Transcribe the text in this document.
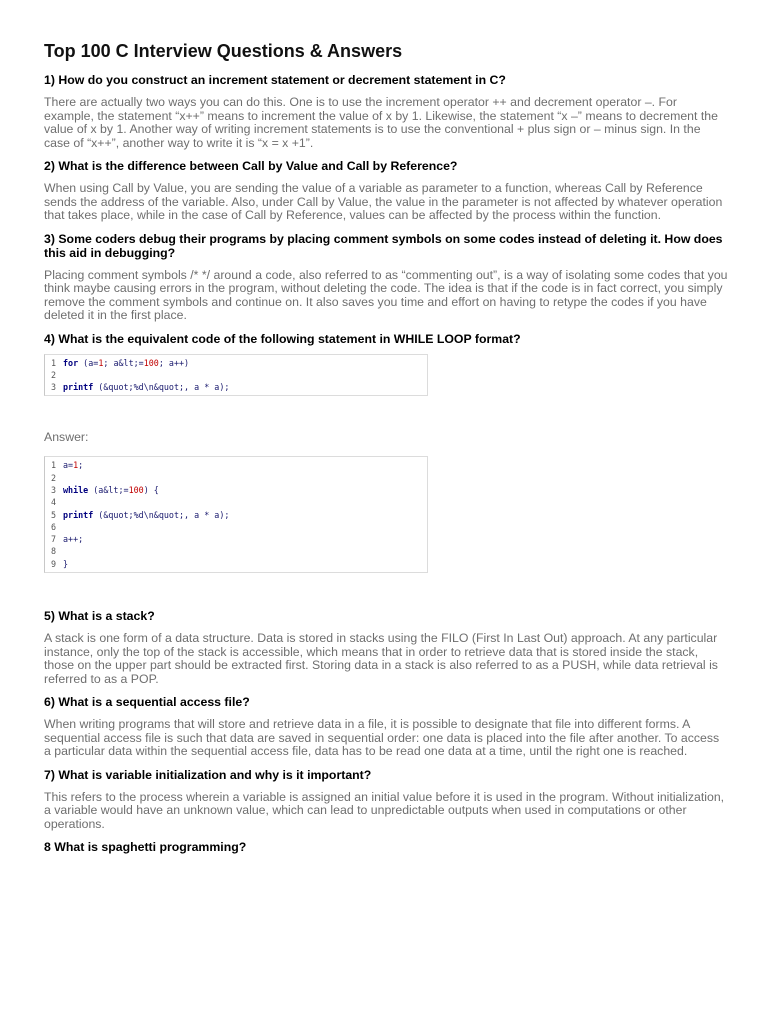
Top 100 C Interview Questions & Answers
1) How do you construct an increment statement or decrement statement in C?

There are actually two ways you can do this. One is to use the increment operator ++ and decrement operator –. For example, the statement “x++” means to increment the value of x by 1. Likewise, the statement “x –” means to decrement the value of x by 1. Another way of writing increment statements is to use the conventional + plus sign or – minus sign. In the case of “x++”, another way to write it is “x = x +1”.

2) What is the difference between Call by Value and Call by Reference?

When using Call by Value, you are sending the value of a variable as parameter to a function, whereas Call by Reference sends the address of the variable. Also, under Call by Value, the value in the parameter is not affected by whatever operation that takes place, while in the case of Call by Reference, values can be affected by the process within the function.

3) Some coders debug their programs by placing comment symbols on some codes instead of deleting it. How does this aid in debugging?

Placing comment symbols /* */ around a code, also referred to as “commenting out”, is a way of isolating some codes that you think maybe causing errors in the program, without deleting the code. The idea is that if the code is in fact correct, you simply remove the comment symbols and continue on. It also saves you time and effort on having to retype the codes if you have deleted it in the first place.

4) What is the equivalent code of the following statement in WHILE LOOP format?
1 for (a=1; a&lt;=100; a++)
2
3 printf (&quot;%d\n&quot;, a * a);

Answer:

1 a=1;
2
3 while (a&lt;=100) {
4
5 printf (&quot;%d\n&quot;, a * a);
6
7 a++;
8
9 }
5) What is a stack?

A stack is one form of a data structure. Data is stored in stacks using the FILO (First In Last Out) approach. At any particular instance, only the top of the stack is accessible, which means that in order to retrieve data that is stored inside the stack, those on the upper part should be extracted first. Storing data in a stack is also referred to as a PUSH, while data retrieval is referred to as a POP.

6) What is a sequential access file?

When writing programs that will store and retrieve data in a file, it is possible to designate that file into different forms. A sequential access file is such that data are saved in sequential order: one data is placed into the file after another. To access a particular data within the sequential access file, data has to be read one data at a time, until the right one is reached.

7) What is variable initialization and why is it important?

This refers to the process wherein a variable is assigned an initial value before it is used in the program. Without initialization, a variable would have an unknown value, which can lead to unpredictable outputs when used in computations or other operations.

8 What is spaghetti programming?
